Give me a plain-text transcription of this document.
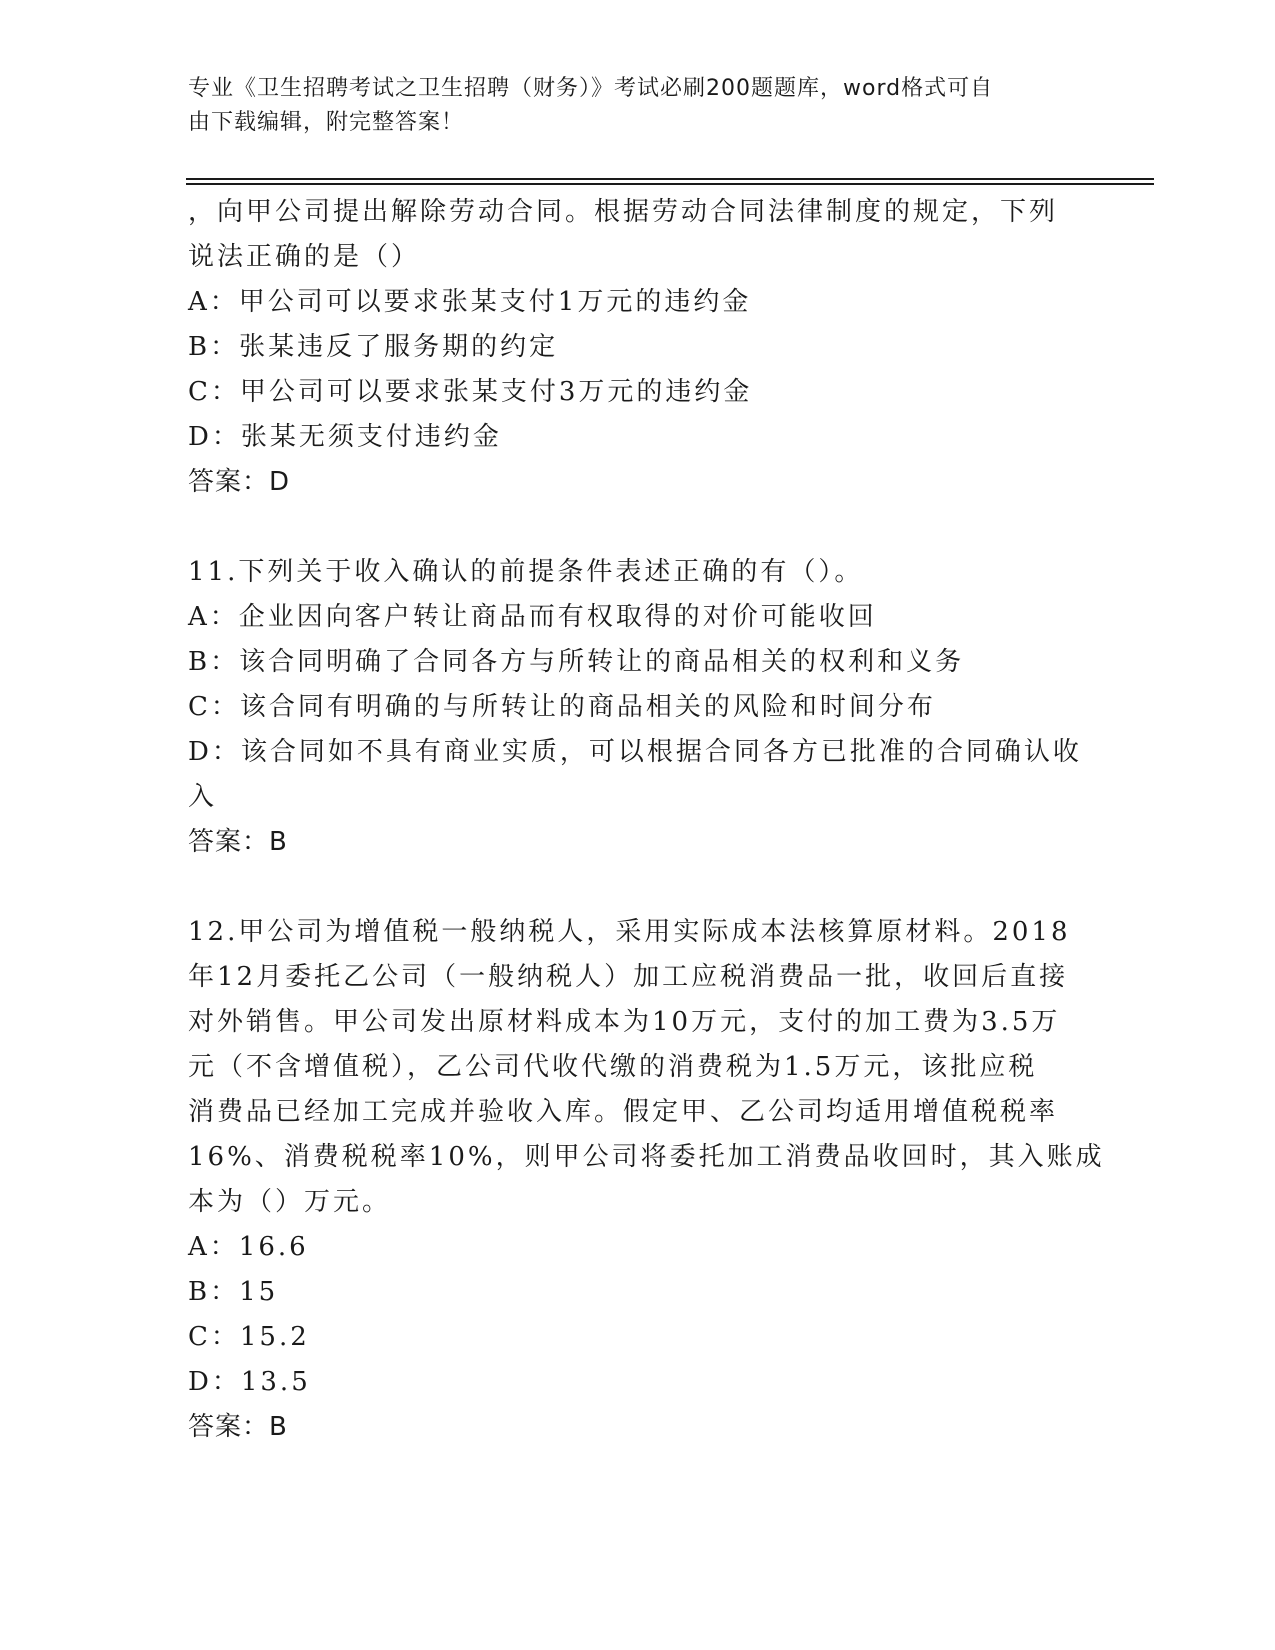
专业《卫生招聘考试之卫生招聘（财务）》考试必刷200题题库，word格式可自
由下载编辑，附完整答案！
，向甲公司提出解除劳动合同。根据劳动合同法律制度的规定，下列
说法正确的是（）
A：甲公司可以要求张某支付1万元的违约金
B：张某违反了服务期的约定
C：甲公司可以要求张某支付3万元的违约金
D：张某无须支付违约金
答案：D
11.下列关于收入确认的前提条件表述正确的有（）。
A：企业因向客户转让商品而有权取得的对价可能收回
B：该合同明确了合同各方与所转让的商品相关的权利和义务
C：该合同有明确的与所转让的商品相关的风险和时间分布
D：该合同如不具有商业实质，可以根据合同各方已批准的合同确认收
入
答案：B
12.甲公司为增值税一般纳税人，采用实际成本法核算原材料。2018
年12月委托乙公司（一般纳税人）加工应税消费品一批，收回后直接
对外销售。甲公司发出原材料成本为10万元，支付的加工费为3.5万
元（不含增值税），乙公司代收代缴的消费税为1.5万元，该批应税
消费品已经加工完成并验收入库。假定甲、乙公司均适用增值税税率
16%、消费税税率10%，则甲公司将委托加工消费品收回时，其入账成
本为（）万元。
A：16.6
B：15
C：15.2
D：13.5
答案：B
